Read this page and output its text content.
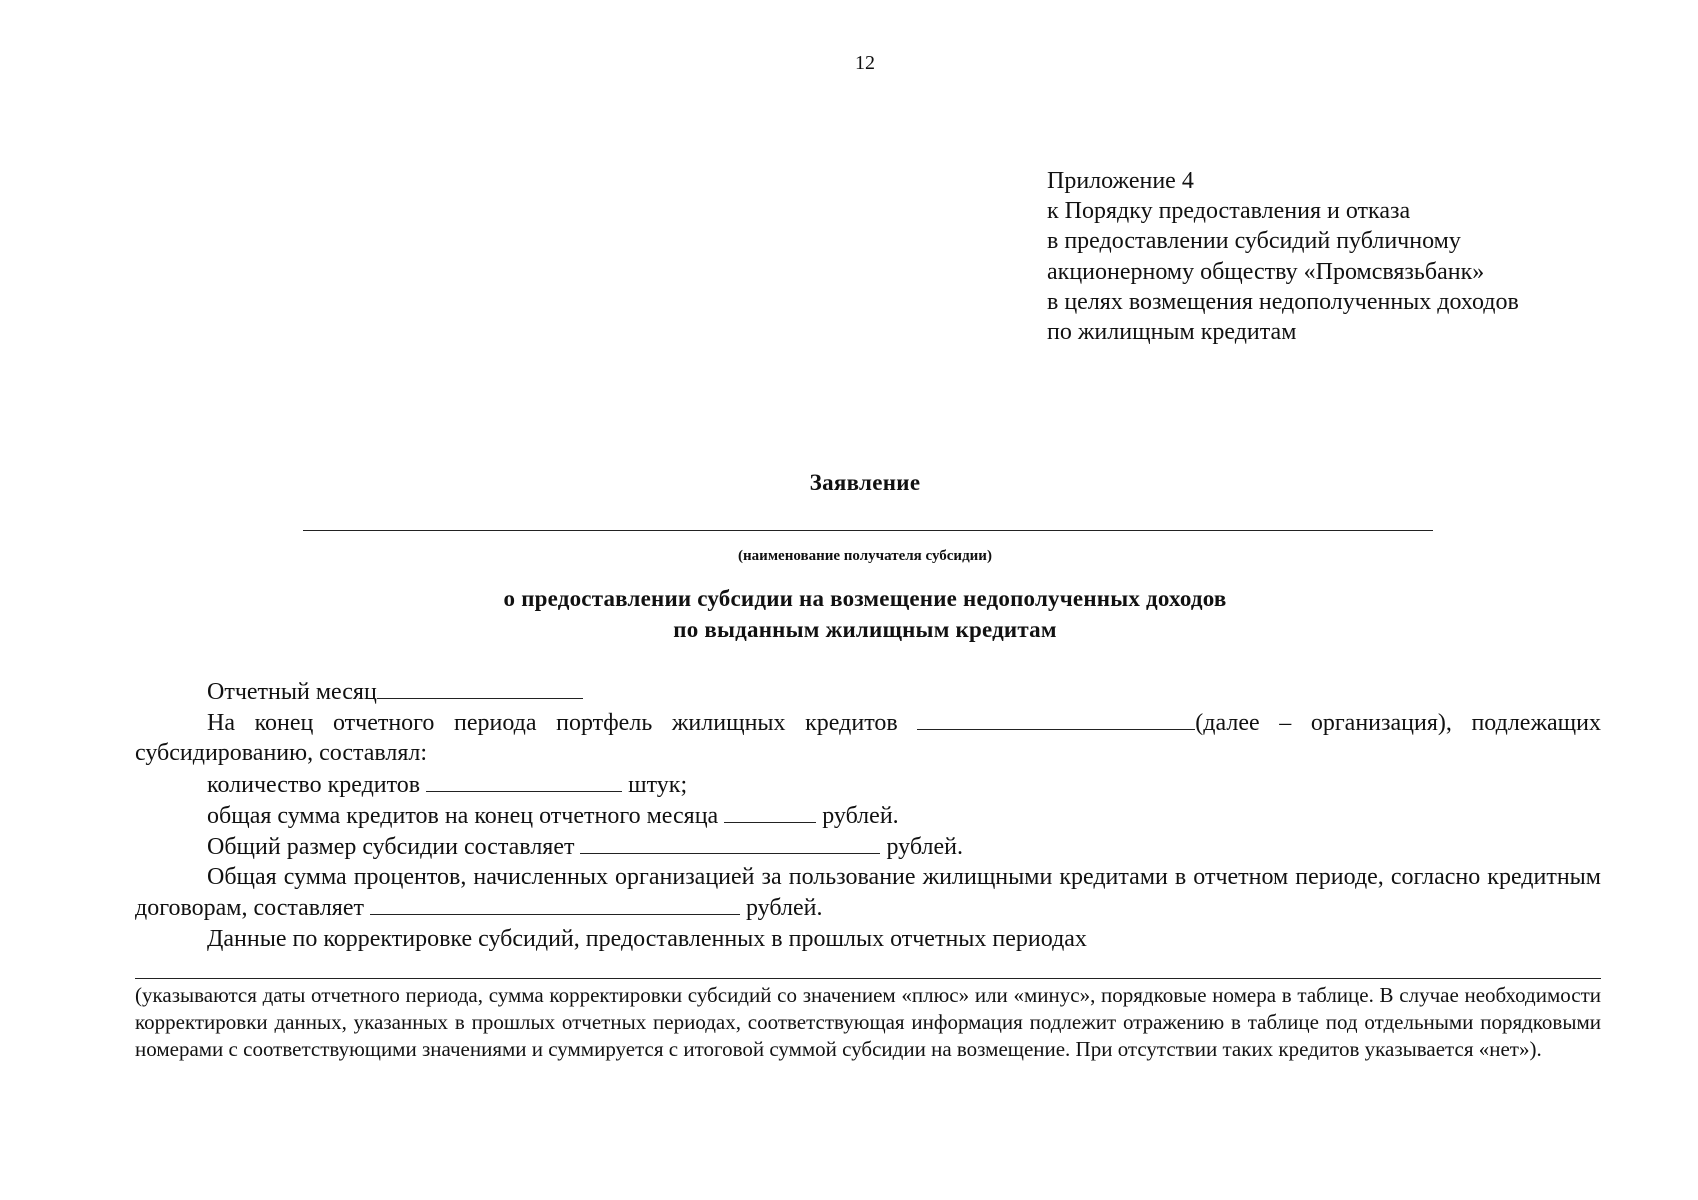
12
Приложение 4
к Порядку предоставления и отказа
в предоставлении субсидий публичному
акционерному обществу «Промсвязьбанк»
в целях возмещения недополученных доходов
по жилищным кредитам
Заявление
(наименование получателя субсидии)
о предоставлении субсидии на возмещение недополученных доходов
по выданным жилищным кредитам
Отчетный месяц
На конец отчетного периода портфель жилищных кредитов	(далее – организация), подлежащих субсидированию, составлял:
количество кредитов	штук;
общая сумма кредитов на конец отчетного месяца	рублей.
Общий размер субсидии составляет	рублей.
Общая сумма процентов, начисленных организацией за пользование жилищными кредитами в отчетном периоде, согласно кредитным договорам, составляет	рублей.
Данные по корректировке субсидий, предоставленных в прошлых отчетных периодах
(указываются даты отчетного периода, сумма корректировки субсидий со значением «плюс» или «минус», порядковые номера в таблице. В случае необходимости корректировки данных, указанных в прошлых отчетных периодах, соответствующая информация подлежит отражению в таблице под отдельными порядковыми номерами с соответствующими значениями и суммируется с итоговой суммой субсидии на возмещение. При отсутствии таких кредитов указывается «нет»).
